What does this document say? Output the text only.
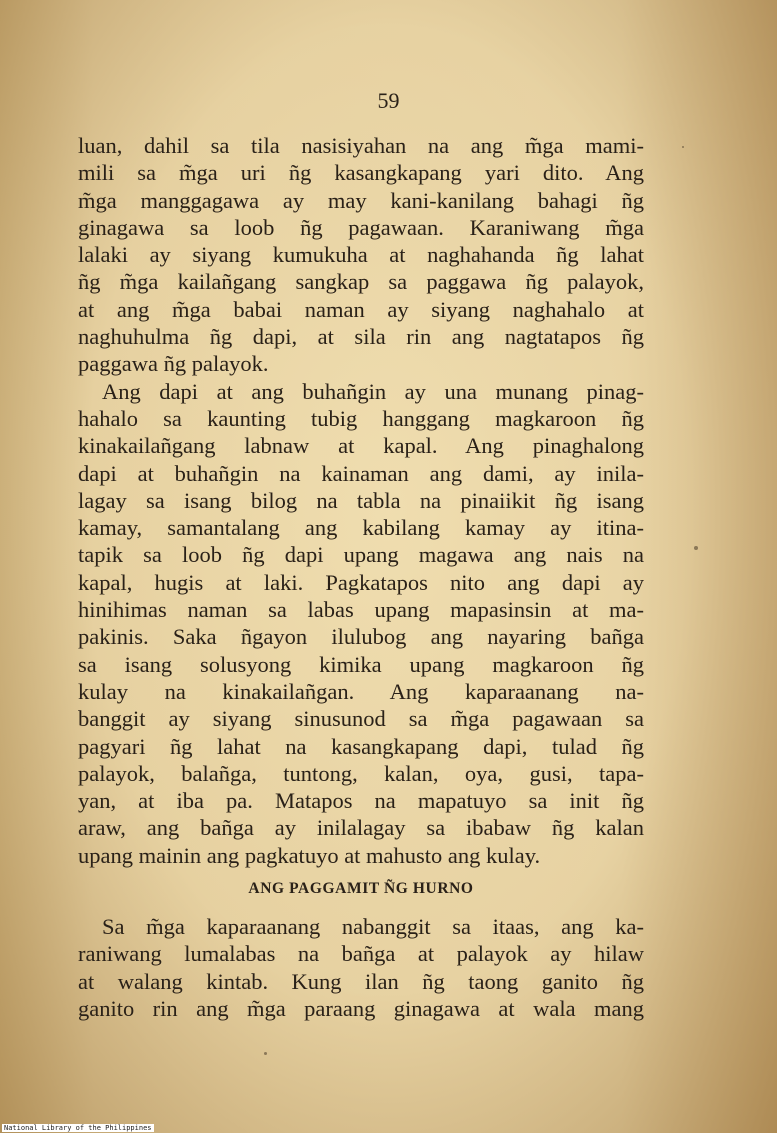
59
luan, dahil sa tila nasisiyahan na ang m̃ga mami-
mili sa m̃ga uri ñg kasangkapang yari dito. Ang
m̃ga manggagawa ay may kani-kanilang bahagi ñg
ginagawa sa loob ñg pagawaan. Karaniwang m̃ga
lalaki ay siyang kumukuha at naghahanda ñg lahat
ñg m̃ga kailañgang sangkap sa paggawa ñg palayok,
at ang m̃ga babai naman ay siyang naghahalo at
naghuhulma ñg dapi, at sila rin ang nagtatapos ñg
paggawa ñg palayok.
Ang dapi at ang buhañgin ay una munang pinag-
hahalo sa kaunting tubig hanggang magkaroon ñg
kinakailañgang labnaw at kapal. Ang pinaghalong
dapi at buhañgin na kainaman ang dami, ay inila-
lagay sa isang bilog na tabla na pinaiikit ñg isang
kamay, samantalang ang kabilang kamay ay itina-
tapik sa loob ñg dapi upang magawa ang nais na
kapal, hugis at laki. Pagkatapos nito ang dapi ay
hinihimas naman sa labas upang mapasinsin at ma-
pakinis. Saka ñgayon ilulubog ang nayaring bañga
sa isang solusyong kimika upang magkaroon ñg
kulay na kinakailañgan. Ang kaparaanang na-
banggit ay siyang sinusunod sa m̃ga pagawaan sa
pagyari ñg lahat na kasangkapang dapi, tulad ñg
palayok, balañga, tuntong, kalan, oya, gusi, tapa-
yan, at iba pa. Matapos na mapatuyo sa init ñg
araw, ang bañga ay inilalagay sa ibabaw ñg kalan
upang mainin ang pagkatuyo at mahusto ang kulay.
ANG PAGGAMIT ÑG HURNO
Sa m̃ga kaparaanang nabanggit sa itaas, ang ka-
raniwang lumalabas na bañga at palayok ay hilaw
at walang kintab. Kung ilan ñg taong ganito ñg
ganito rin ang m̃ga paraang ginagawa at wala mang
National Library of the Philippines
